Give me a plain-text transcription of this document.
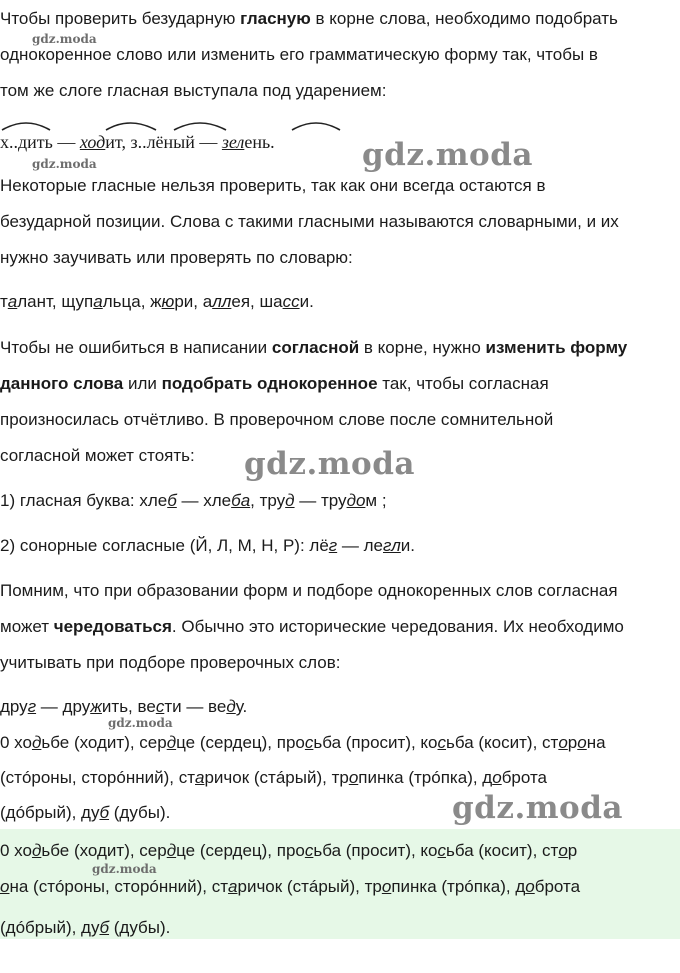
Чтобы проверить безударную гласную в корне слова, необходимо подобрать

однокоренное слово или изменить его грамматическую форму так, чтобы в

том же слоге гласная выступала под ударением:

х..дить — ходит, з..лёный — зелень.

Некоторые гласные нельзя проверить, так как они всегда остаются в

безударной позиции. Слова с такими гласными называются словарными, и их

нужно заучивать или проверять по словарю:

талант, щупальца, жюри, аллея, шасси.

Чтобы не ошибиться в написании согласной в корне, нужно изменить форму

данного слова или подобрать однокоренное так, чтобы согласная

произносилась отчётливо. В проверочном слове после сомнительной

согласной может стоять:

1) гласная буква: хлеб — хлеба, труд — трудом ;

2) сонорные согласные (Й, Л, М, Н, Р): лёг — легли.

Помним, что при образовании форм и подборе однокоренных слов согласная

может чередоваться. Обычно это исторические чередования. Их необходимо

учитывать при подборе проверочных слов:

друг — дружить, вести — веду.

0 ходьбе (ходит), сердце (сердец), просьба (просит), косьба (косит), сторона

(стóроны, сторóнний), старичок (стáрый), тропинка (трóпка), доброта

(дóбрый), дуб (дубы).

0 ходьбе (ходит), сердце (сердец), просьба (просит), косьба (косит), стор

она (стóроны, сторóнний), старичок (стáрый), тропинка (трóпка), доброта

(дóбрый), дуб (дубы).

gdz.moda
gdz.moda
gdz.moda
gdz.moda
gdz.moda
gdz.moda
gdz.moda
